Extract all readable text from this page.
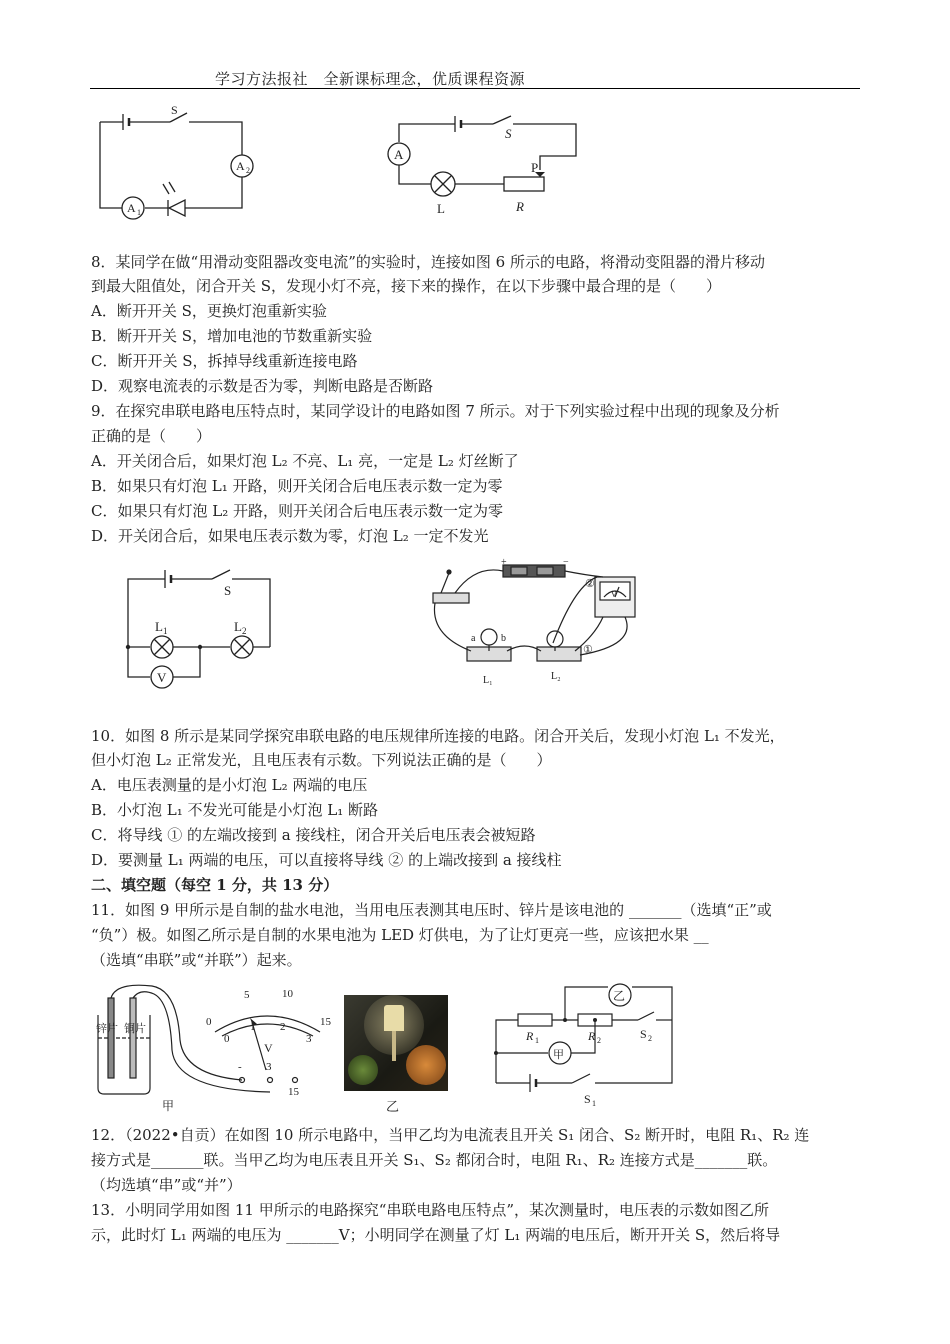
学习方法报社　全新课标理念，优质课程资源
S
A 2
A 1
A
S
P
L	R
8．某同学在做“用滑动变阻器改变电流”的实验时，连接如图 6 所示的电路，将滑动变阻器的滑片移动
到最大阻值处，闭合开关 S，发现小灯不亮，接下来的操作，在以下步骤中最合理的是（　　）
A．断开开关 S，更换灯泡重新实验
B．断开开关 S，增加电池的节数重新实验
C．断开开关 S，拆掉导线重新连接电路
D．观察电流表的示数是否为零，判断电路是否断路
9．在探究串联电路电压特点时，某同学设计的电路如图 7 所示。对于下列实验过程中出现的现象及分析
正确的是（　　）
A．开关闭合后，如果灯泡 L₂ 不亮、L₁ 亮，一定是 L₂ 灯丝断了
B．如果只有灯泡 L₁ 开路，则开关闭合后电压表示数一定为零
C．如果只有灯泡 L₂ 开路，则开关闭合后电压表示数一定为零
D．开关闭合后，如果电压表示数为零，灯泡 L₂ 一定不发光
S
L 1	L 2
V
+	−
V
②
①
a	b
L₁	L₂
10．如图 8 所示是某同学探究串联电路的电压规律所连接的电路。闭合开关后，发现小灯泡 L₁ 不发光，
但小灯泡 L₂ 正常发光，且电压表有示数。下列说法正确的是（　　）
A．电压表测量的是小灯泡 L₂ 两端的电压
B．小灯泡 L₁ 不发光可能是小灯泡 L₁ 断路
C．将导线 ① 的左端改接到 a 接线柱，闭合开关后电压表会被短路
D．要测量 L₁ 两端的电压，可以直接将导线 ② 的上端改接到 a 接线柱
二、填空题（每空 1 分，共 13 分）
11．如图 9 甲所示是自制的盐水电池，当用电压表测其电压时、锌片是该电池的 _______（选填“正”或
“负”）极。如图乙所示是自制的水果电池为 LED 灯供电，为了让灯更亮一些，应该把水果 __
（选填“串联”或“并联”）起来。
锌片 铜片
甲
0
5	10
15
0
1 2
3
V
- 3
15
乙
乙
甲
R 1	R 2	S 2
S 1
12．（2022•自贡）在如图 10 所示电路中，当甲乙均为电流表且开关 S₁ 闭合、S₂ 断开时，电阻 R₁、R₂ 连
接方式是_______联。当甲乙均为电压表且开关 S₁、S₂ 都闭合时，电阻 R₁、R₂ 连接方式是_______联。
（均选填“串”或“并”）
13．小明同学用如图 11 甲所示的电路探究“串联电路电压特点”，某次测量时，电压表的示数如图乙所
示，此时灯 L₁ 两端的电压为 _______V；小明同学在测量了灯 L₁ 两端的电压后，断开开关 S，然后将导
